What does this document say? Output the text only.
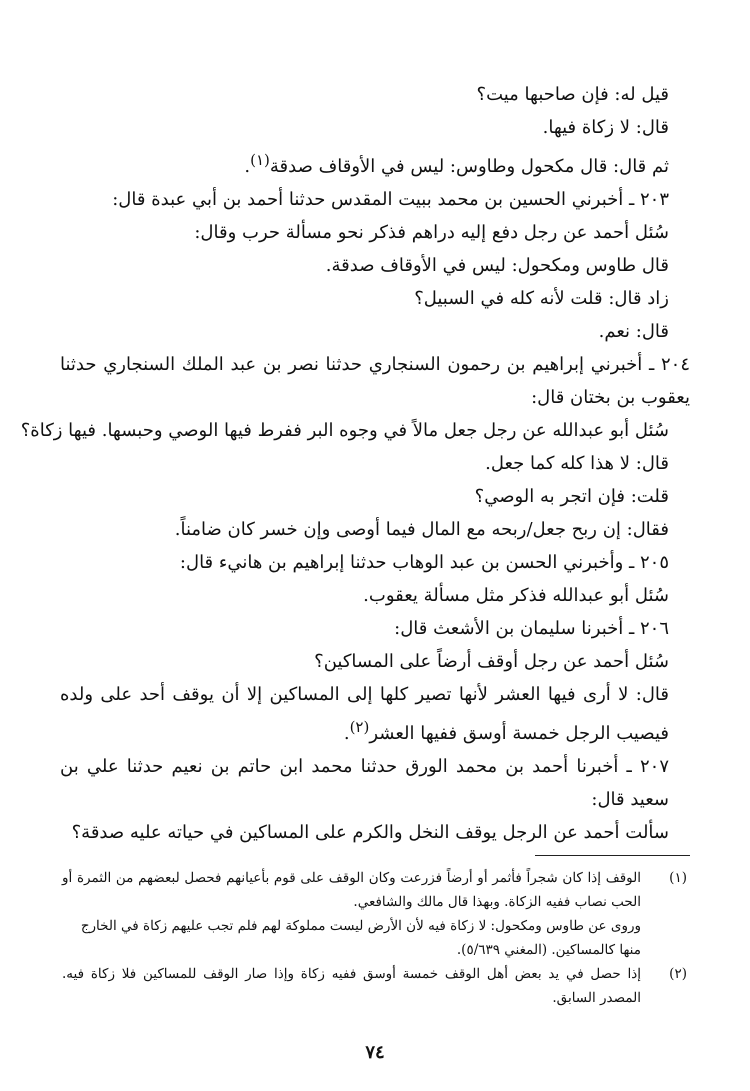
قيل له: فإن صاحبها ميت؟
قال: لا زكاة فيها.
ثم قال: قال مكحول وطاوس: ليس في الأوقاف صدقة$^{(١)}$.
٢٠٣ ـ أخبرني الحسين بن محمد ببيت المقدس حدثنا أحمد بن أبي عبدة قال:
سُئل أحمد عن رجل دفع إليه دراهم فذكر نحو مسألة حرب وقال:
قال طاوس ومكحول: ليس في الأوقاف صدقة.
زاد قال: قلت لأنه كله في السبيل؟
قال: نعم.
٢٠٤ ـ أخبرني إبراهيم بن رحمون السنجاري حدثنا نصر بن عبد الملك السنجاري حدثنا يعقوب بن بختان قال:
سُئل أبو عبدالله عن رجل جعل مالاً في وجوه البر ففرط فيها الوصي وحبسها. فيها زكاة؟
قال: لا هذا كله كما جعل.
قلت: فإن اتجر به الوصي؟
فقال: إن ربح جعل/ربحه مع المال فيما أوصى وإن خسر كان ضامناً.
٢٠٥ ـ وأخبرني الحسن بن عبد الوهاب حدثنا إبراهيم بن هانيء قال:
سُئل أبو عبدالله فذكر مثل مسألة يعقوب.
٢٠٦ ـ أخبرنا سليمان بن الأشعث قال:
سُئل أحمد عن رجل أوقف أرضاً على المساكين؟
قال: لا أرى فيها العشر لأنها تصير كلها إلى المساكين إلا أن يوقف أحد على ولده فيصيب الرجل خمسة أوسق ففيها العشر$^{(٢)}$.
٢٠٧ ـ أخبرنا أحمد بن محمد الورق حدثنا محمد ابن حاتم بن نعيم حدثنا علي بن سعيد قال:
سألت أحمد عن الرجل يوقف النخل والكرم على المساكين في حياته عليه صدقة؟
(١)
الوقف إذا كان شجراً فأثمر أو أرضاً فزرعت وكان الوقف على قوم بأعيانهم فحصل لبعضهم من الثمرة أو الحب نصاب ففيه الزكاة. وبهذا قال مالك والشافعي.
وروى عن طاوس ومكحول: لا زكاة فيه لأن الأرض ليست مملوكة لهم فلم تجب عليهم زكاة في الخارج منها كالمساكين. (المغني ٥/٦٣٩).
(٢)
إذا حصل في يد بعض أهل الوقف خمسة أوسق ففيه زكاة وإذا صار الوقف للمساكين فلا زكاة فيه. المصدر السابق.
٧٤
